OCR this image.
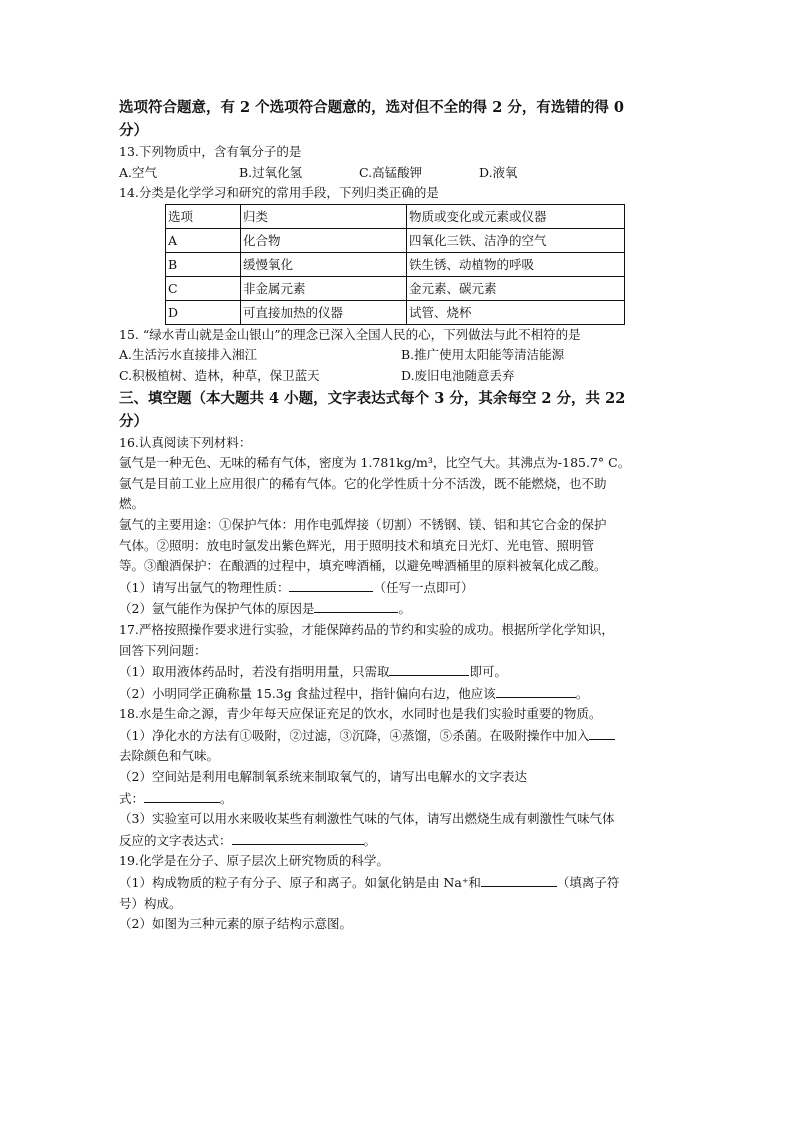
选项符合题意，有 2 个选项符合题意的，选对但不全的得 2 分，有选错的得 0
分）
13.下列物质中，含有氧分子的是
A.空气	B.过氧化氢	C.高锰酸钾	D.液氧
14.分类是化学学习和研究的常用手段，下列归类正确的是
选项	归类	物质或变化或元素或仪器
A	化合物	四氧化三铁、洁净的空气
B	缓慢氧化	铁生锈、动植物的呼吸
C	非金属元素	金元素、碳元素
D	可直接加热的仪器	试管、烧杯
15. “绿水青山就是金山银山”的理念已深入全国人民的心，下列做法与此不相符的是
A.生活污水直接排入湘江	B.推广使用太阳能等清洁能源
C.积极植树、造林，种草，保卫蓝天	D.废旧电池随意丢弃
三、填空题（本大题共 4 小题，文字表达式每个 3 分，其余每空 2 分，共 22
分）
16.认真阅读下列材料：
氩气是一种无色、无味的稀有气体，密度为 1.781kg/m³，比空气大。其沸点为-185.7° C。
氩气是目前工业上应用很广的稀有气体。它的化学性质十分不活泼，既不能燃烧，也不助
燃。
氩气的主要用途：①保护气体：用作电弧焊接（切割）不锈钢、镁、铝和其它合金的保护
气体。②照明：放电时氩发出紫色辉光，用于照明技术和填充日光灯、光电管、照明管
等。③酿酒保护：在酿酒的过程中，填充啤酒桶，以避免啤酒桶里的原料被氧化成乙酸。
（1）请写出氩气的物理性质：	（任写一点即可）
（2）氩气能作为保护气体的原因是	。
17.严格按照操作要求进行实验，才能保障药品的节约和实验的成功。根据所学化学知识，
回答下列问题：
（1）取用液体药品时，若没有指明用量，只需取	即可。
（2）小明同学正确称量 15.3g 食盐过程中，指针偏向右边，他应该	。
18.水是生命之源，青少年每天应保证充足的饮水，水同时也是我们实验时重要的物质。
（1）净化水的方法有①吸附，②过滤，③沉降，④蒸馏，⑤杀菌。在吸附操作中加入
去除颜色和气味。
（2）空间站是利用电解制氧系统来制取氧气的，请写出电解水的文字表达
式：	。
（3）实验室可以用水来吸收某些有刺激性气味的气体，请写出燃烧生成有刺激性气味气体
反应的文字表达式：	。
19.化学是在分子、原子层次上研究物质的科学。
（1）构成物质的粒子有分子、原子和离子。如氯化钠是由 Na⁺和	（填离子符
号）构成。
（2）如图为三种元素的原子结构示意图。
